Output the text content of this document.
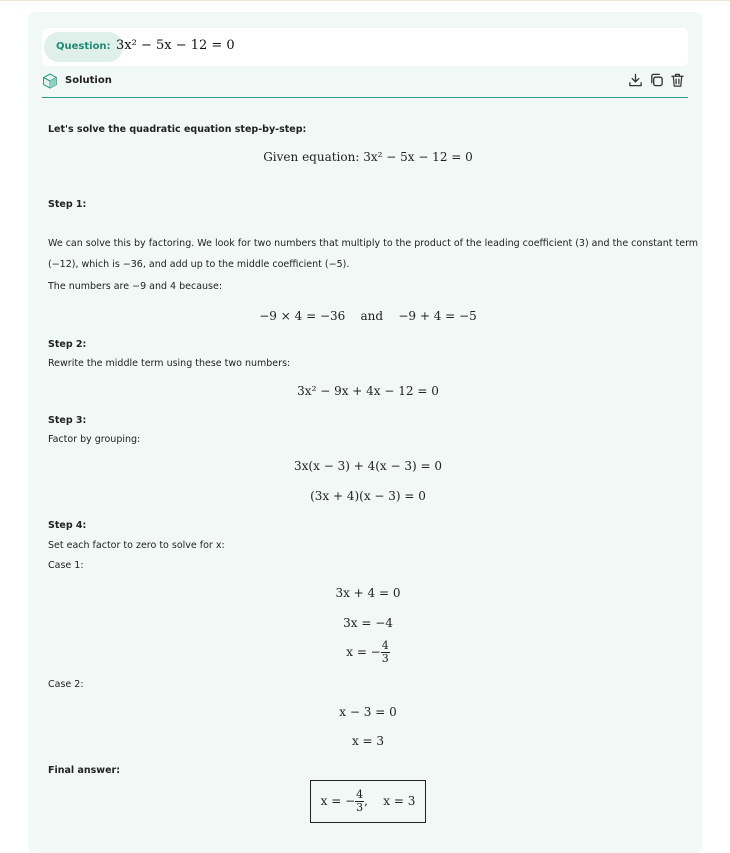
Question: 3x² − 5x − 12 = 0
Solution
Let's solve the quadratic equation step-by-step:
Given equation: 3x² − 5x − 12 = 0
Step 1:
We can solve this by factoring. We look for two numbers that multiply to the product of the leading coefficient (3) and the constant term
(−12), which is −36, and add up to the middle coefficient (−5).
The numbers are −9 and 4 because:
−9 × 4 = −36    and    −9 + 4 = −5
Step 2:
Rewrite the middle term using these two numbers:
3x² − 9x + 4x − 12 = 0
Step 3:
Factor by grouping:
3x(x − 3) + 4(x − 3) = 0
(3x + 4)(x − 3) = 0
Step 4:
Set each factor to zero to solve for x:
Case 1:
3x + 4 = 0
3x = −4
x = − $\frac{4}{3}$
Case 2:
x − 3 = 0
x = 3
Final answer:
x = − $\frac{4}{3}$ ,    x = 3
